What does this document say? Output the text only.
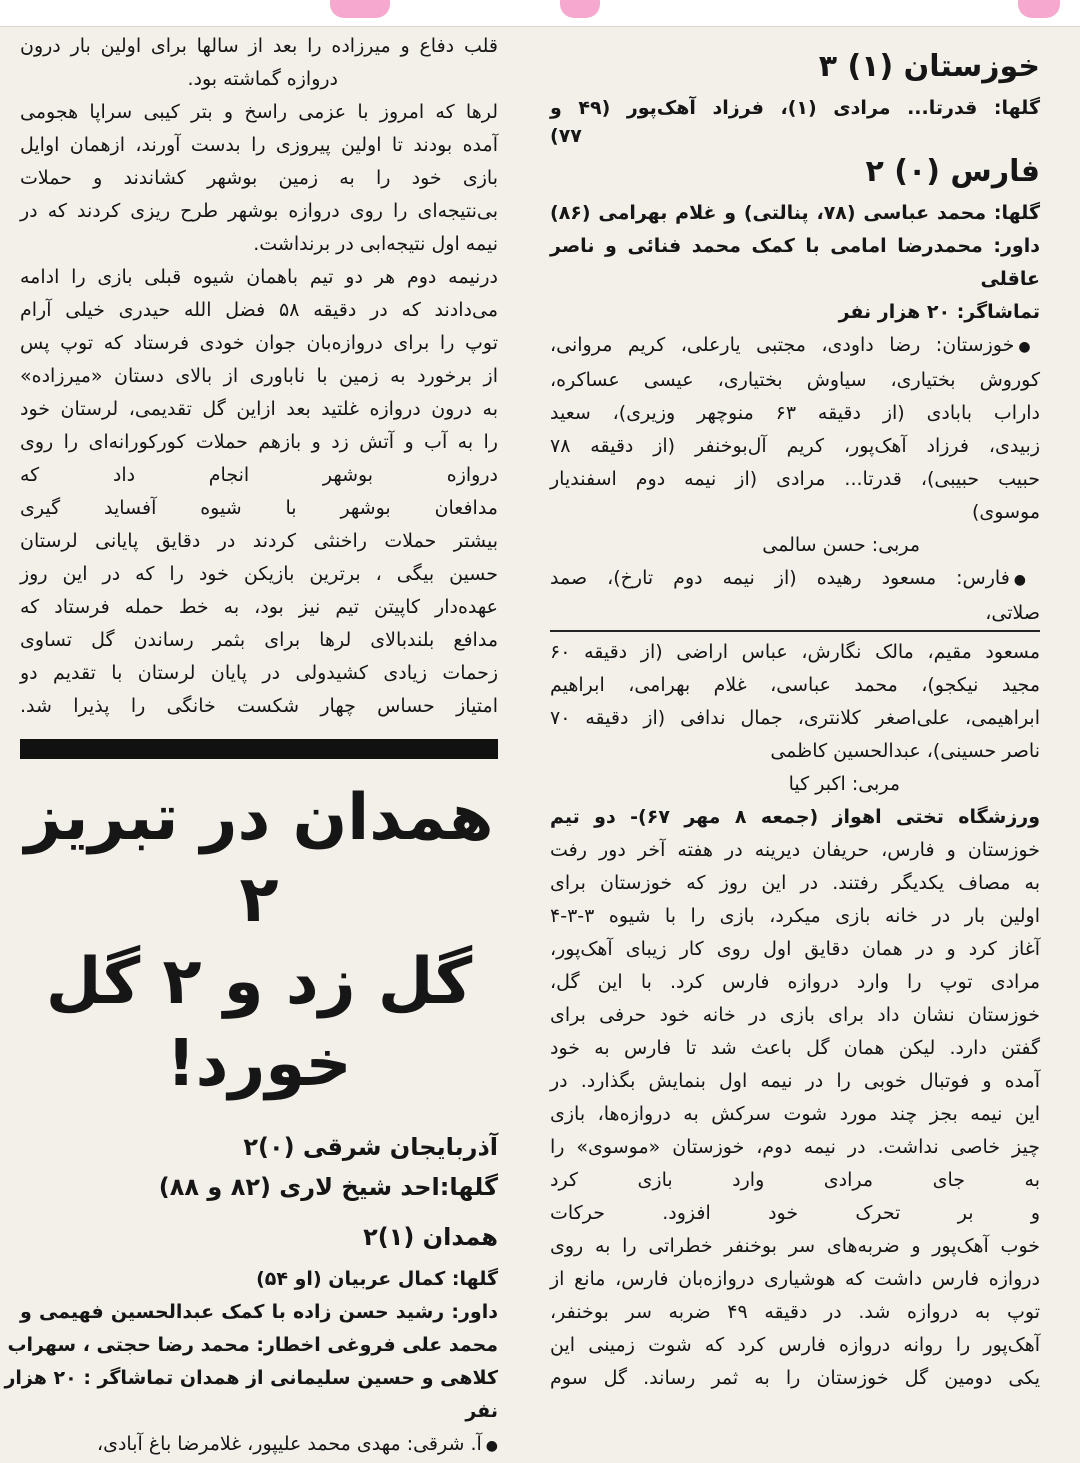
خوزستان (۱) ۳
گلها: قدرتا... مرادی (۱)، فرزاد آهک‌پور (۴۹ و
۷۷)
فارس (۰) ۲
گلها: محمد عباسی (۷۸، پنالتی) و غلام بهرامی (۸۶)
داور: محمدرضا امامی با کمک محمد فنائی و ناصر
عاقلی
تماشاگر: ۲۰ هزار نفر
● خوزستان: رضا داودی، مجتبی یارعلی، کریم مروانی،
کوروش بختیاری، سیاوش بختیاری، عیسی عساکره،
داراب بابادی (از دقیقه ۶۳ منوچهر وزیری)، سعید
زبیدی، فرزاد آهک‌پور، کریم آل‌بوخنفر (از دقیقه ۷۸
حبیب حبیبی)، قدرتا... مرادی (از نیمه دوم اسفندیار
موسوی)
مربی: حسن سالمی
● فارس: مسعود رهیده (از نیمه دوم تارخ)، صمد
صلاتی،
مسعود مقیم، مالک نگارش، عباس اراضی (از دقیقه ۶۰
مجید نیکجو)، محمد عباسی، غلام بهرامی، ابراهیم
ابراهیمی، علی‌اصغر کلانتری، جمال ندافی (از دقیقه ۷۰
ناصر حسینی)، عبدالحسین کاظمی
مربی: اکبر کیا
ورزشگاه تختی اهواز (جمعه ۸ مهر ۶۷)- دو تیم
خوزستان و فارس، حریفان دیرینه در هفته آخر دور رفت
به مصاف یکدیگر رفتند. در این روز که خوزستان برای
اولین بار در خانه بازی میکرد، بازی را با شیوه ۳-۳-۴
آغاز کرد و در همان دقایق اول روی کار زیبای آهک‌پور،
مرادی توپ را وارد دروازه فارس کرد. با این گل،
خوزستان نشان داد برای بازی در خانه خود حرفی برای
گفتن دارد. لیکن همان گل باعث شد تا فارس به خود
آمده و فوتبال خوبی را در نیمه اول بنمایش بگذارد. در
این نیمه بجز چند مورد شوت سرکش به دروازه‌ها، بازی
چیز خاصی نداشت. در نیمه دوم، خوزستان «موسوی» را
به جای مرادی وارد بازی کرد
و بر تحرک خود افزود. حرکات
خوب آهک‌پور و ضربه‌های سر بوخنفر خطراتی را به روی
دروازه فارس داشت که هوشیاری دروازه‌بان فارس، مانع از
توپ به دروازه شد. در دقیقه ۴۹ ضربه سر بوخنفر،
آهک‌پور را روانه دروازه فارس کرد که شوت زمینی این
یکی دومین گل خوزستان را به ثمر رساند. گل سوم
قلب دفاع و میرزاده را بعد از سالها برای اولین بار درون
دروازه گماشته بود.
لرها که امروز با عزمی راسخ و بتر کیبی سراپا هجومی
آمده بودند تا اولین پیروزی را بدست آورند، ازهمان اوایل
بازی خود را به زمین بوشهر کشاندند و حملات
بی‌نتیجه‌ای را روی دروازه بوشهر طرح ریزی کردند که در
نیمه اول نتیجه‌ابی در برنداشت.
درنیمه دوم هر دو تیم باهمان شیوه قبلی بازی را ادامه
می‌دادند که در دقیقه ۵۸ فضل الله حیدری خیلی آرام
توپ را برای دروازه‌بان جوان خودی فرستاد که توپ پس
از برخورد به زمین با ناباوری از بالای دستان «میرزاده»
به درون دروازه غلتید بعد ازاین گل تقدیمی، لرستان خود
را به آب و آتش زد و بازهم حملات کورکورانه‌ای را روی
دروازه بوشهر انجام داد که
مدافعان بوشهر با شیوه آفساید گیری
بیشتر حملات راخنثی کردند در دقایق پایانی لرستان
حسین بیگی ، برترین بازیکن خود را که در این روز
عهده‌دار کاپیتن تیم نیز بود، به خط حمله فرستاد که
مدافع بلندبالای لرها برای بثمر رساندن گل تساوی
زحمات زیادی کشیدولی در پایان لرستان با تقدیم دو
امتیاز حساس چهار شکست خانگی را پذیرا شد.
همدان در تبریز ۲
گل زد و ۲ گل
خورد!
آذربایجان شرقی (۰)۲
گلها:احد شیخ لاری (۸۲ و ۸۸)
همدان (۱)۲
گلها: کمال عربیان (او ۵۴)
داور: رشید حسن زاده با کمک عبدالحسین فهیمی و
محمد علی فروغی اخطار: محمد رضا حجتی ، سهراب
کلاهی و حسین سلیمانی از همدان تماشاگر : ۲۰ هزار
نفر
● آ. شرقی: مهدی محمد علیپور، غلامرضا باغ آبادی،
